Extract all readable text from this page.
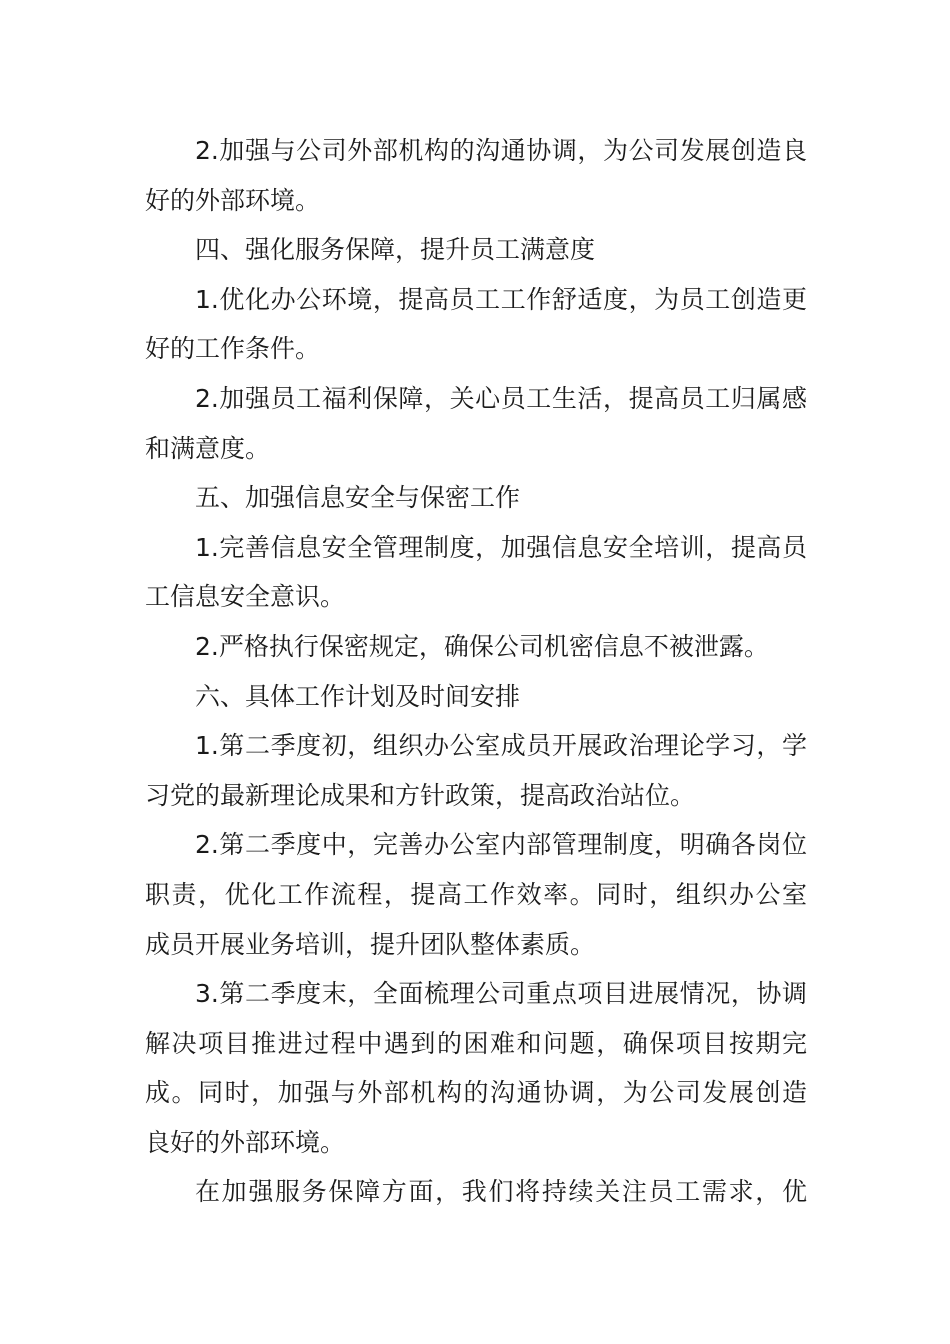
2.加强与公司外部机构的沟通协调，为公司发展创造良
好的外部环境。

四、强化服务保障，提升员工满意度

1.优化办公环境，提高员工工作舒适度，为员工创造更
好的工作条件。

2.加强员工福利保障，关心员工生活，提高员工归属感
和满意度。

五、加强信息安全与保密工作

1.完善信息安全管理制度，加强信息安全培训，提高员
工信息安全意识。

2.严格执行保密规定，确保公司机密信息不被泄露。

六、具体工作计划及时间安排

1.第二季度初，组织办公室成员开展政治理论学习，学
习党的最新理论成果和方针政策，提高政治站位。

2.第二季度中，完善办公室内部管理制度，明确各岗位
职责，优化工作流程，提高工作效率。同时，组织办公室
成员开展业务培训，提升团队整体素质。

3.第二季度末，全面梳理公司重点项目进展情况，协调
解决项目推进过程中遇到的困难和问题，确保项目按期完
成。同时，加强与外部机构的沟通协调，为公司发展创造
良好的外部环境。

在加强服务保障方面，我们将持续关注员工需求，优
